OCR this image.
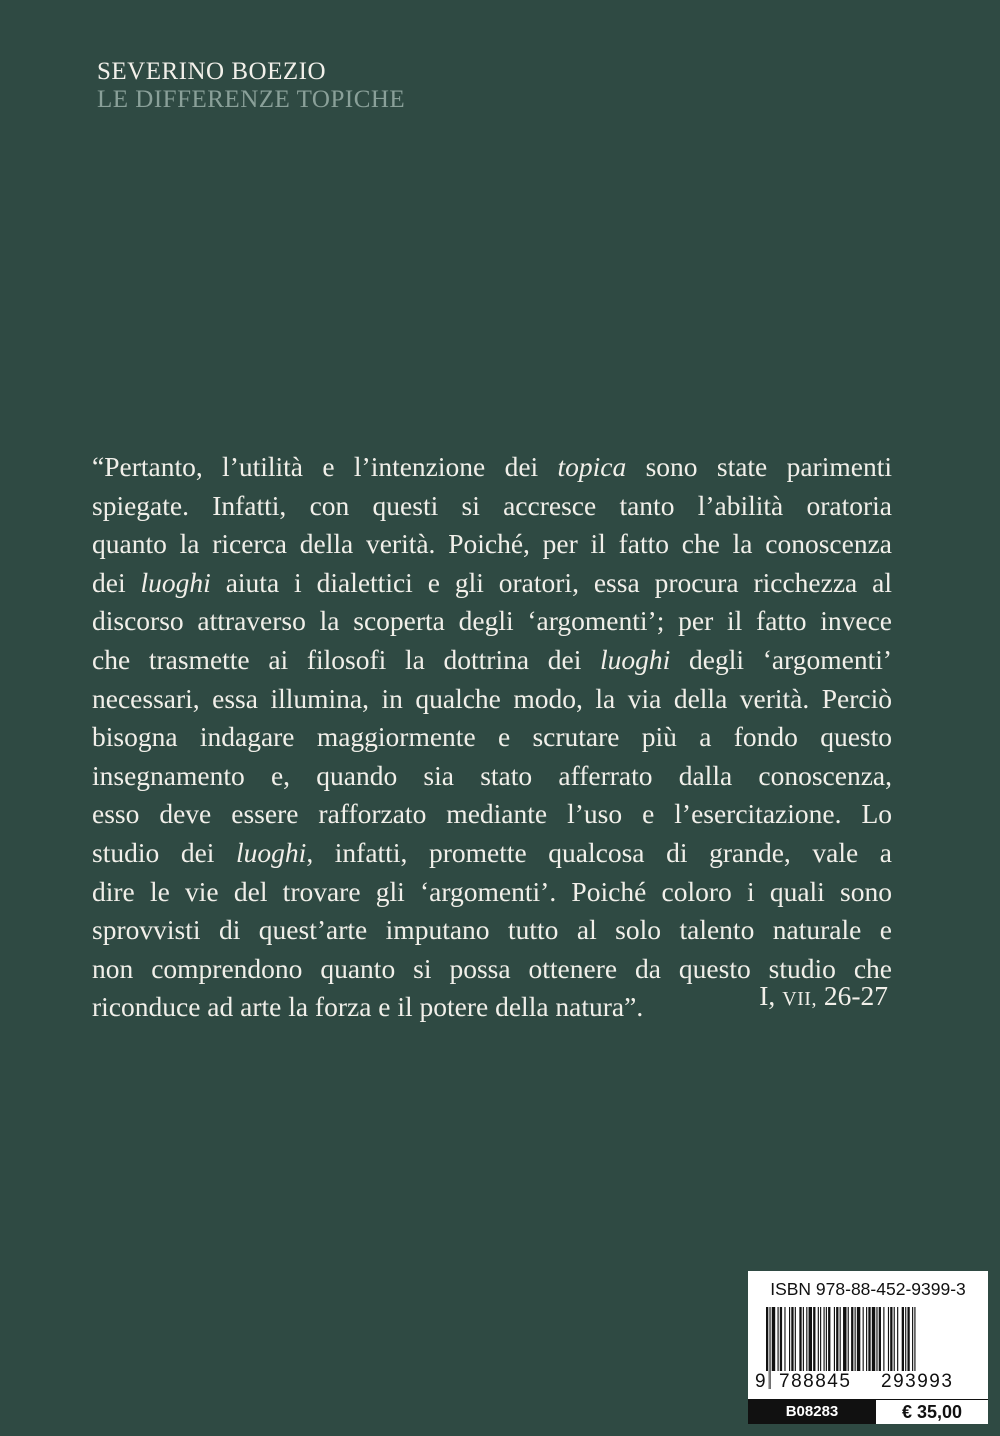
SEVERINO BOEZIO
LE DIFFERENZE TOPICHE
“Pertanto, l’utilità e l’intenzione dei topica sono state parimenti
spiegate. Infatti, con questi si accresce tanto l’abilità oratoria
quanto la ricerca della verità. Poiché, per il fatto che la conoscenza
dei luoghi aiuta i dialettici e gli oratori, essa procura ricchezza al
discorso attraverso la scoperta degli ‘argomenti’; per il fatto invece
che trasmette ai filosofi la dottrina dei luoghi degli ‘argomenti’
necessari, essa illumina, in qualche modo, la via della verità. Perciò
bisogna indagare maggiormente e scrutare più a fondo questo
insegnamento e, quando sia stato afferrato dalla conoscenza,
esso deve essere rafforzato mediante l’uso e l’esercitazione. Lo
studio dei luoghi, infatti, promette qualcosa di grande, vale a
dire le vie del trovare gli ‘argomenti’. Poiché coloro i quali sono
sprovvisti di quest’arte imputano tutto al solo talento naturale e
non comprendono quanto si possa ottenere da questo studio che
riconduce ad arte la forza e il potere della natura”.	I, VII, 26-27
ISBN 978-88-452-9399-3
9 788845 293993
B08283	€ 35,00
